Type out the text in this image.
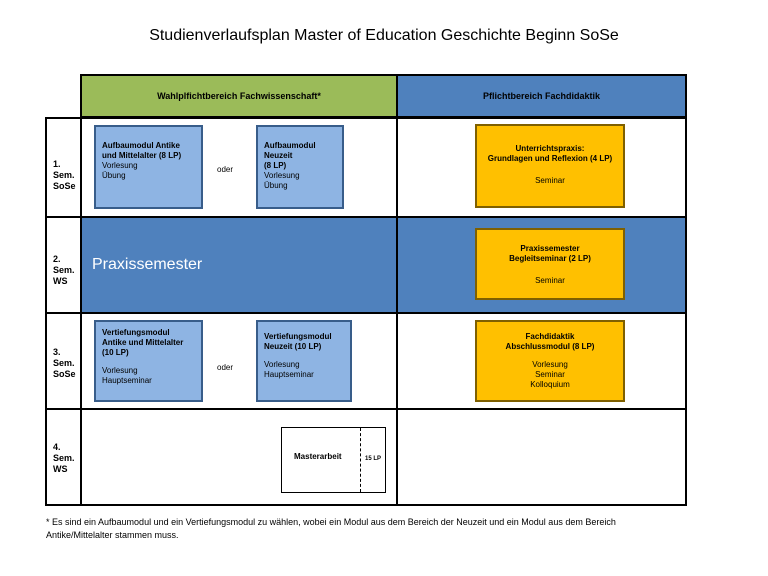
Studienverlaufsplan Master of Education Geschichte Beginn SoSe
Wahlplfichtbereich Fachwissenschaft*	Pflichtbereich Fachdidaktik
Praxissemester
1.
Sem.
SoSe
2.
Sem.
WS
3.
Sem.
SoSe
4.
Sem.
WS
Aufbaumodul Antike
und Mittelalter (8 LP)
Vorlesung
Übung
oder
Aufbaumodul Neuzeit
(8 LP)
Vorlesung
Übung
Unterrichtspraxis:
Grundlagen und Reflexion (4 LP)
Seminar
Praxissemester
Begleitseminar (2 LP)
Seminar
Vertiefungsmodul
Antike und Mittelalter
(10 LP)
Vorlesung
Hauptseminar
oder
Vertiefungsmodul
Neuzeit (10 LP)
Vorlesung
Hauptseminar
Fachdidaktik
Abschlussmodul (8 LP)
Vorlesung
Seminar
Kolloquium
Masterarbeit	15 LP
* Es sind ein Aufbaumodul und ein Vertiefungsmodul zu wählen, wobei ein Modul aus dem Bereich der Neuzeit und ein Modul aus dem Bereich
Antike/Mittelalter stammen muss.
